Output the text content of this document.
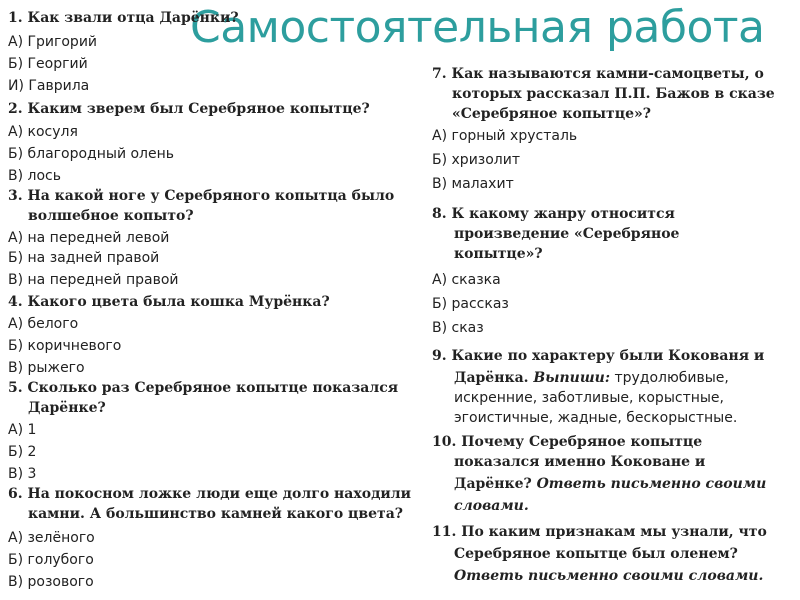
Самостоятельная работа
1. Как звали отца Дарёнки?
А) Григорий
Б) Георгий
И) Гаврила
2. Каким зверем был Серебряное копытце?
А) косуля
Б) благородный олень
В) лось
3. На какой ноге у Серебряного копытца было
волшебное копыто?
А) на передней левой
Б) на задней правой
В) на передней правой
4. Какого цвета была кошка Мурёнка?
А) белого
Б) коричневого
В) рыжего
5. Сколько раз Серебряное копытце показался
Дарёнке?
А) 1
Б) 2
В) 3
6. На покосном ложке люди еще долго находили
камни. А большинство камней какого цвета?
А) зелёного
Б) голубого
В) розового
7. Как называются камни-самоцветы, о
которых рассказал П.П. Бажов в сказе
«Серебряное копытце»?
А) горный хрусталь
Б) хризолит
В) малахит
8. К какому жанру относится
произведение «Серебряное
копытце»?
А) сказка
Б) рассказ
В) сказ
9. Какие по характеру были Кокованя и
Дарёнка. Выпиши: трудолюбивые,
искренние, заботливые, корыстные,
эгоистичные, жадные, бескорыстные.
10. Почему Серебряное копытце
показался именно Коковане и
Дарёнке? Ответь письменно своими
словами.
11. По каким признакам мы узнали, что
Серебряное копытце был оленем?
Ответь письменно своими словами.
